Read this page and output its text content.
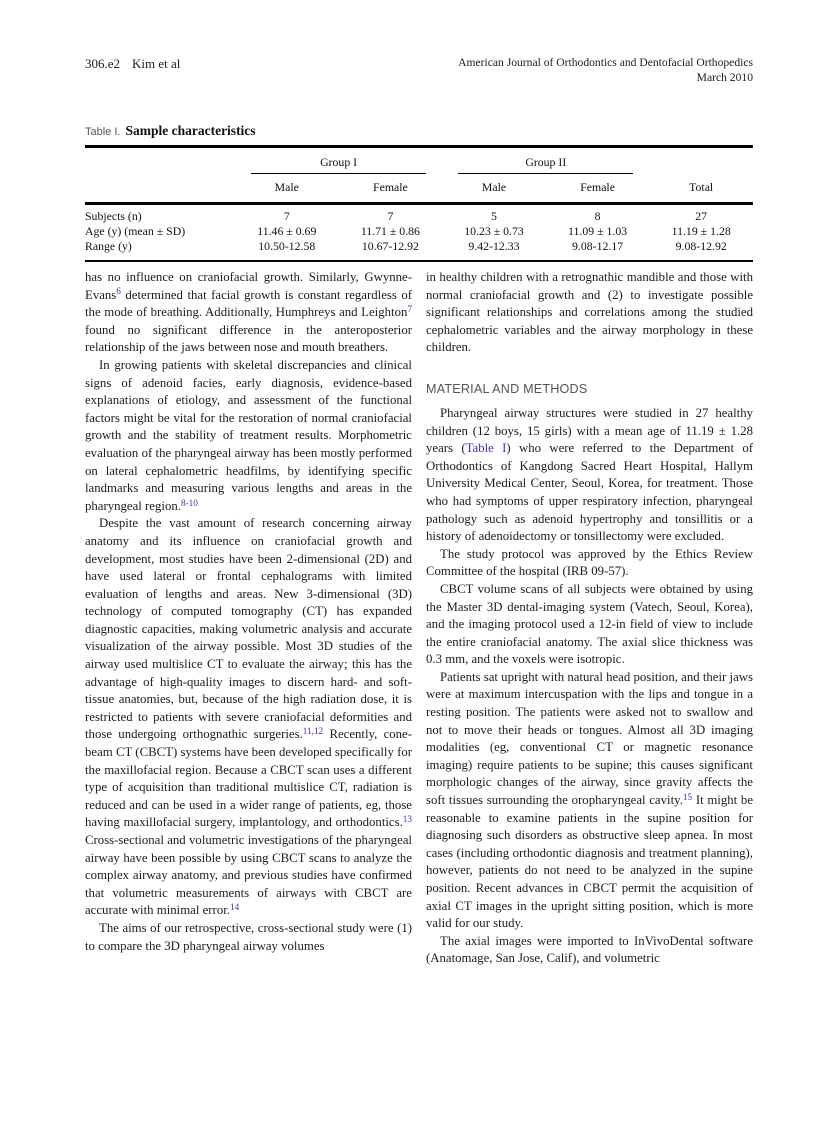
306.e2 Kim et al	American Journal of Orthodontics and Dentofacial Orthopedics
March 2010
Table I. Sample characteristics
Group I	Group II
Male	Female	Male	Female	Total
Subjects (n)	7	7	5	8	27
Age (y) (mean ± SD)	11.46 ± 0.69	11.71 ± 0.86	10.23 ± 0.73	11.09 ± 1.03	11.19 ± 1.28
Range (y)	10.50-12.58	10.67-12.92	9.42-12.33	9.08-12.17	9.08-12.92

has no influence on craniofacial growth. Similarly, Gwynne-Evans$^6$ determined that facial growth is constant regardless of the mode of breathing. Additionally, Humphreys and Leighton$^7$ found no significant difference in the anteroposterior relationship of the jaws between nose and mouth breathers.

In growing patients with skeletal discrepancies and clinical signs of adenoid facies, early diagnosis, evidence-based explanations of etiology, and assessment of the functional factors might be vital for the restoration of normal craniofacial growth and the stability of treatment results. Morphometric evaluation of the pharyngeal airway has been mostly performed on lateral cephalometric headfilms, by identifying specific landmarks and measuring various lengths and areas in the pharyngeal region.$^{8-10}$

Despite the vast amount of research concerning airway anatomy and its influence on craniofacial growth and development, most studies have been 2-dimensional (2D) and have used lateral or frontal cephalograms with limited evaluation of lengths and areas. New 3-dimensional (3D) technology of computed tomography (CT) has expanded diagnostic capacities, making volumetric analysis and accurate visualization of the airway possible. Most 3D studies of the airway used multislice CT to evaluate the airway; this has the advantage of high-quality images to discern hard- and soft-tissue anatomies, but, because of the high radiation dose, it is restricted to patients with severe craniofacial deformities and those undergoing orthognathic surgeries.$^{11,12}$ Recently, cone-beam CT (CBCT) systems have been developed specifically for the maxillofacial region. Because a CBCT scan uses a different type of acquisition than traditional multislice CT, radiation is reduced and can be used in a wider range of patients, eg, those having maxillofacial surgery, implantology, and orthodontics.$^{13}$ Cross-sectional and volumetric investigations of the pharyngeal airway have been possible by using CBCT scans to analyze the complex airway anatomy, and previous studies have confirmed that volumetric measurements of airways with CBCT are accurate with minimal error.$^{14}$

The aims of our retrospective, cross-sectional study were (1) to compare the 3D pharyngeal airway volumes

in healthy children with a retrognathic mandible and those with normal craniofacial growth and (2) to investigate possible significant relationships and correlations among the studied cephalometric variables and the airway morphology in these children.

MATERIAL AND METHODS

Pharyngeal airway structures were studied in 27 healthy children (12 boys, 15 girls) with a mean age of 11.19 ± 1.28 years (Table I) who were referred to the Department of Orthodontics of Kangdong Sacred Heart Hospital, Hallym University Medical Center, Seoul, Korea, for treatment. Those who had symptoms of upper respiratory infection, pharyngeal pathology such as adenoid hypertrophy and tonsillitis or a history of adenoidectomy or tonsillectomy were excluded.

The study protocol was approved by the Ethics Review Committee of the hospital (IRB 09-57).

CBCT volume scans of all subjects were obtained by using the Master 3D dental-imaging system (Vatech, Seoul, Korea), and the imaging protocol used a 12-in field of view to include the entire craniofacial anatomy. The axial slice thickness was 0.3 mm, and the voxels were isotropic.

Patients sat upright with natural head position, and their jaws were at maximum intercuspation with the lips and tongue in a resting position. The patients were asked not to swallow and not to move their heads or tongues. Almost all 3D imaging modalities (eg, conventional CT or magnetic resonance imaging) require patients to be supine; this causes significant morphologic changes of the airway, since gravity affects the soft tissues surrounding the oropharyngeal cavity.$^{15}$ It might be reasonable to examine patients in the supine position for diagnosing such disorders as obstructive sleep apnea. In most cases (including orthodontic diagnosis and treatment planning), however, patients do not need to be analyzed in the supine position. Recent advances in CBCT permit the acquisition of axial CT images in the upright sitting position, which is more valid for our study.

The axial images were imported to InVivoDental software (Anatomage, San Jose, Calif), and volumetric
